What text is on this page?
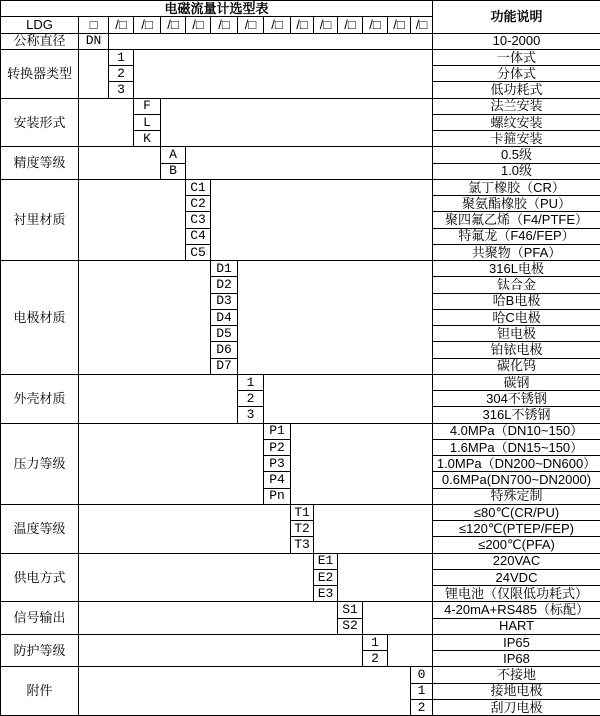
电磁流量计选型表															功能说明
LDG	□	/□	/□	/□	/□	/□	/□	/□	/□	/□	/□	/□	/□	/□	
公称直径	DN														10-2000
转换器类型		1													一体式
		2													分体式
		3													低功耗式
安装形式			F												法兰安装
			L												螺纹安装
			K												卡箍安装
精度等级				A											0.5级
				B											1.0级
衬里材质					C1										氯丁橡胶（CR）
					C2										聚氨酯橡胶（PU）
					C3										聚四氟乙烯（F4/PTFE）
					C4										特氟龙（F46/FEP）
					C5										共聚物（PFA）
电极材质						D1									316L电极
						D2									钛合金
						D3									哈B电极
						D4									哈C电极
						D5									钽电极
						D6									铂铱电极
						D7									碳化钨
外壳材质							1								碳钢
							2								304不锈钢
							3								316L不锈钢
压力等级								P1							4.0MPa（DN10~150）
								P2							1.6MPa（DN15~150）
								P3							1.0MPa（DN200~DN600）
								P4							0.6MPa(DN700~DN2000)
								Pn							特殊定制
温度等级									T1						≤80℃(CR/PU)
									T2						≤120℃(PTEP/FEP)
									T3						≤200℃(PFA)
供电方式										E1					220VAC
										E2					24VDC
										E3					锂电池（仅限低功耗式）
信号输出											S1				4-20mA+RS485（标配）
											S2				HART
防护等级												1			IP65
												2			IP68
附件														0	不接地
														1	接地电极
														2	刮刀电极
